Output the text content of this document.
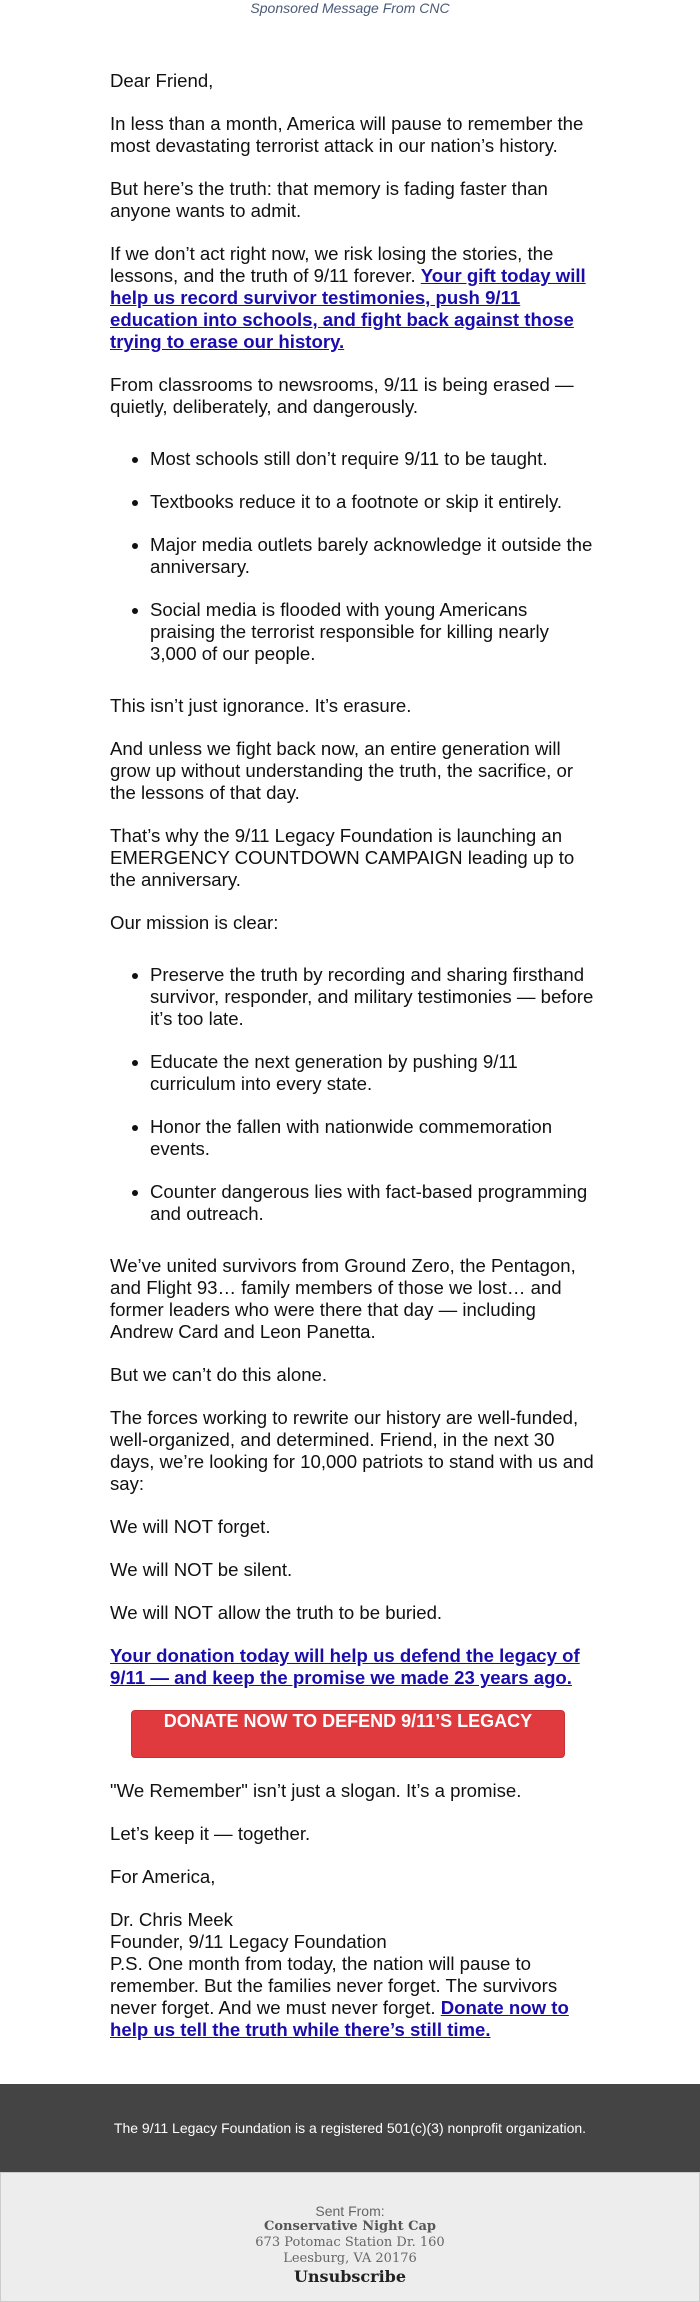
Sponsored Message From CNC

Dear Friend,

In less than a month, America will pause to remember the most devastating terrorist attack in our nation’s history.

But here’s the truth: that memory is fading faster than anyone wants to admit.

If we don’t act right now, we risk losing the stories, the lessons, and the truth of 9/11 forever. Your gift today will help us record survivor testimonies, push 9/11 education into schools, and fight back against those trying to erase our history.

From classrooms to newsrooms, 9/11 is being erased — quietly, deliberately, and dangerously.

• Most schools still don’t require 9/11 to be taught.
• Textbooks reduce it to a footnote or skip it entirely.
• Major media outlets barely acknowledge it outside the anniversary.
• Social media is flooded with young Americans praising the terrorist responsible for killing nearly 3,000 of our people.

This isn’t just ignorance. It’s erasure.

And unless we fight back now, an entire generation will grow up without understanding the truth, the sacrifice, or the lessons of that day.

That’s why the 9/11 Legacy Foundation is launching an EMERGENCY COUNTDOWN CAMPAIGN leading up to the anniversary.

Our mission is clear:

• Preserve the truth by recording and sharing firsthand survivor, responder, and military testimonies — before it’s too late.
• Educate the next generation by pushing 9/11 curriculum into every state.
• Honor the fallen with nationwide commemoration events.
• Counter dangerous lies with fact-based programming and outreach.

We’ve united survivors from Ground Zero, the Pentagon, and Flight 93… family members of those we lost… and former leaders who were there that day — including Andrew Card and Leon Panetta.

But we can’t do this alone.

The forces working to rewrite our history are well-funded, well-organized, and determined. Friend, in the next 30 days, we’re looking for 10,000 patriots to stand with us and say:

We will NOT forget.

We will NOT be silent.

We will NOT allow the truth to be buried.

Your donation today will help us defend the legacy of 9/11 — and keep the promise we made 23 years ago.

DONATE NOW TO DEFEND 9/11’S LEGACY

"We Remember" isn’t just a slogan. It’s a promise.

Let’s keep it — together.

For America,

Dr. Chris Meek

Founder, 9/11 Legacy Foundation

P.S. One month from today, the nation will pause to remember. But the families never forget. The survivors never forget. And we must never forget. Donate now to help us tell the truth while there’s still time.

The 9/11 Legacy Foundation is a registered 501(c)(3) nonprofit organization.
Sent From:
Conservative Night Cap
673 Potomac Station Dr. 160
Leesburg, VA 20176
Unsubscribe
